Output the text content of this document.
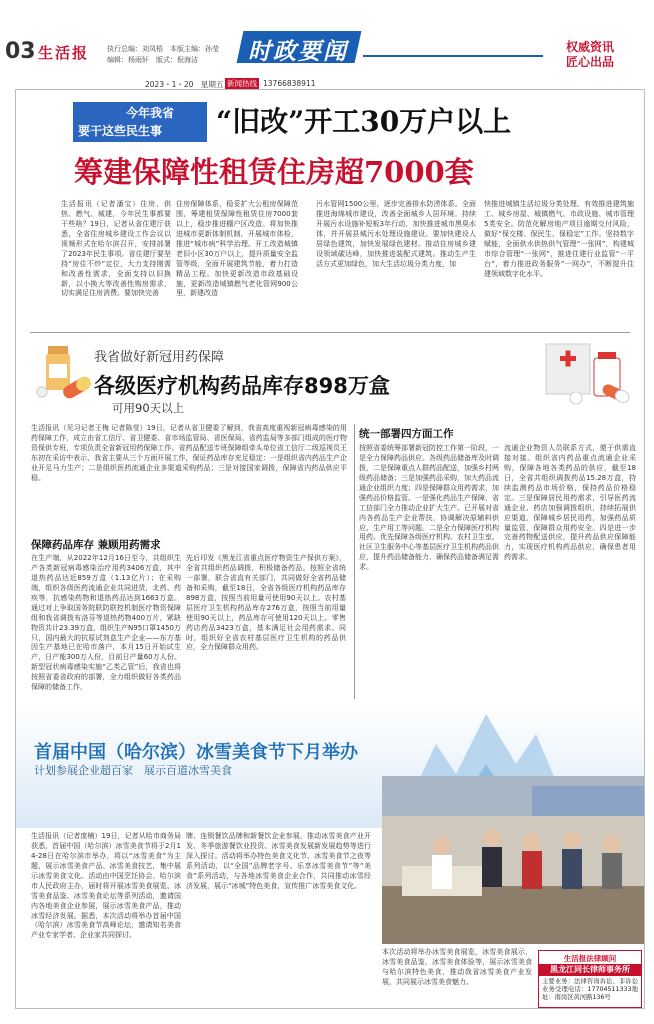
03 生活报	执行总编：刘凤梧　 本版主编：孙莹
编辑：杨雨轩　 版式：倪海洁	时政要闻	权威资讯
匠心出品
2023・1・20　星期五 新闻热线 13766838911
今年我省
要干这些民生事 “旧改”开工30万户以上
筹建保障性租赁住房超7000套
生活报讯（记者潘宝）住房、供热、燃气、城建，今年民生事都要干些啥？19日，记者从省住建厅获悉，全省住房城乡建设工作会议以视频形式在哈尔滨召开，安排部署了2023年民生事项。省住建厅要坚持“房住不炒”定位，大力支持刚需和改善性需求，全面支持以旧换新，以小换大等改善性购房需求，切实满足住房消费。要加快完善
住房保障体系，稳妥扩大公租房保障范围，筹建租赁保障性租赁住房7000套以上，稳步推进棚户区改造。将加快推进城市更新体制机制，开展城市体检，推进“城市病”科学治理。开工改造城镇老旧小区30万户以上，提升质量安全监管等级，全面开展建筑节能，着力打造精品工程。加快更新改造市政基础设施，更新改造城镇燃气老化管网900公里，新建改造
污水管网1500公里，逐步完善排水防涝体系。全面推进海绵城市建设，改善全面城乡人居环境。持续开展污水设施补短板3年行动，加快推进城市黑臭水体，并开展县城污水处理设施建设。要加快建设人居绿色建筑，加快发展绿色建材。推动住房城乡建设领域碳达峰，加快推进装配式建筑。推动生产生活方式更加绿色，加大生活垃圾分类力度，加
快推进城镇生活垃圾分类处理。有效推进建筑施工、城乡房屋、城镇燃气、市政设施、城市管理5类安全。防范化解房地产项目逾期交付风险，做好“保交楼、保民生、保稳定”工作。坚持数字赋能，全面供水供热供气管理“一张网”，构建城市综合管理“一张网”，推进住建行业监管“一平台”，着力推进政务服务“一网办”，不断提升住建领域数字化水平。
我省做好新冠用药保障
各级医疗机构药品库存898万盒
可用90天以上
生活报讯（见习记者王梅 记者陈莹）19日，记者从省卫健委了解到，我省高度重视新冠病毒感染的用药保障工作，成立由省工信厅、省卫健委、省市场监管局、省医保局、省药监局等多部门组成的医疗物资保供专班，专项负责全省新冠用药保障工作。省药品配送专班保障组牵头单位省工信厅二级巡视员王东初在采访中表示，我省主要从三个方面开展工作，保证药品库存充足稳定：一是组织省内药品生产企业开足马力生产；二是组织医药流通企业多渠道采购药品；三是对接国家调拨，保障省内药品供应平稳。
保障药品库存 兼顾用药需求
在生产端，从2022年12月16日至今，共组织生产各类新冠病毒感染治疗用药3406万盒，其中退热药品达近859万盒（1.13亿片）；在采购端，组织各级医药流通企业共同进货，北药、药疾等，抗感染药物和退热药品达到1663万盒。通过对上争取国务院联防联控机制医疗物资保障组和我省调拨布洛芬等退热药物400万片，紧缺物资共计23.39万盒，组织生产N95口罩1450万只，国内最大的抗原试剂盒生产企业——东方基因生产基地已在哈市落户，本月15日开始试生产，日产能300万人份，目前日产量60万人份。新型冠状病毒感染实施“乙类乙管”后，我省也将按照省委省政府的部署，全力组织做好各类药品保障的储备工作，
先后印发《黑龙江省重点医疗物资生产保供方案》，全省共组织药品调拨，积极储备药品。按照全省统一部署，联合省直有关部门，共同做好全省药品储备和采购，截至18日，全省各级医疗机构药品库存898万盒，按照当前用量可使用90天以上。农村基层医疗卫生机构药品库存276万盒，按照当前用量使用90天以上，药品库存可使用120天以上。零售药店药品3423万盒，基本满足社会用药需求。同时，组织好全省农村基层医疗卫生机构的药品供应，全力保障群众用药。
统一部署四方面工作
按照省委统筹部署新冠防控工作第一阶段，一是全力保障药品供应。各级药品储备库及时调拨，二是保障重点人群药品配送，加强乡村两级药品储备；三是加强药品采购，加大药品流通企业组织力度；四是保障群众用药需求，加强药品价格监管。一是强化药品生产保障，省工信部门全力推动企业扩大生产。已开展对省内各药品生产企业帮扶，协调解决原辅料供应、生产用工等问题。二是全力保障医疗机构用药。优先保障各级医疗机构、农村卫生室、社区卫生服务中心等基层医疗卫生机构药品供应，提升药品储备能力，确保药品储备满足需求。
流通企业物资人员联系方式，便于供需直接对接。组织省内药品重点流通企业采购，保障各地各类药品的供应，截至18日，全省共组织调拨药品15.28万盒，持续监测药品市场价格，保持药品价格稳定。三是保障居民用药需求，引导医药流通企业、药店加强调拨组织，持续拓展供应渠道，保障城乡居民用药，加强药品质量监管，保障群众用药安全。四是进一步完善药物配送供应，提升药品供应保障能力，实现医疗机构药品供应，确保患者用药需求。
首届中国（哈尔滨）冰雪美食节下月举办
计划参展企业超百家　展示百道冰雪美食
生活报讯（记者庞楠）19日，记者从哈市商务局获悉，首届中国（哈尔滨）冰雪美食节将于2月14-28日在哈尔滨市举办，将以“冰雪美食”为主题，展示冰雪美食产品、冰雪美食技艺，集中展示冰雪美食文化。活动由中国烹饪协会、哈尔滨市人民政府主办，届时将开展冰雪美食展览、冰雪美食品鉴、冰雪美食论坛等系列活动，邀请国内各地美食企业参展，展示冰雪美食产品，推动冰雪经济发展。据悉，本次活动将举办首届中国（哈尔滨）冰雪美食节高峰论坛，邀请知名美食产业专家学者、企业家共同探讨。
牌、连锁餐饮品牌和新餐饮企业参展，推动冰雪美食产业开发、冬季旅游餐饮业投资、冰雪美食发展新发展趋势等进行深入探讨。活动将举办特色美食文化节、冰雪美食节之夜等系列活动，以“全国”品牌老字号、乐享冰雪美食节”等“美食”系列活动，与各地冰雪美食企业合作，共同推动冰雪经济发展，展示“冰城”特色美食，宣传推广冰雪美食文化。
本次活动将举办冰雪美食展览，冰雪美食展示，冰雪美食品鉴，冰雪美食体验等，展示冰雪美食与哈尔滨特色美食，推动我省冰雪美食产业发展，共同展示冰雪美食魅力。
生活报法律顾问
黑龙江同长律师事务所
主要业务：法律咨询诉讼、非诉讼业务受理电话：17704511333地址：南岗区黄河路136号
